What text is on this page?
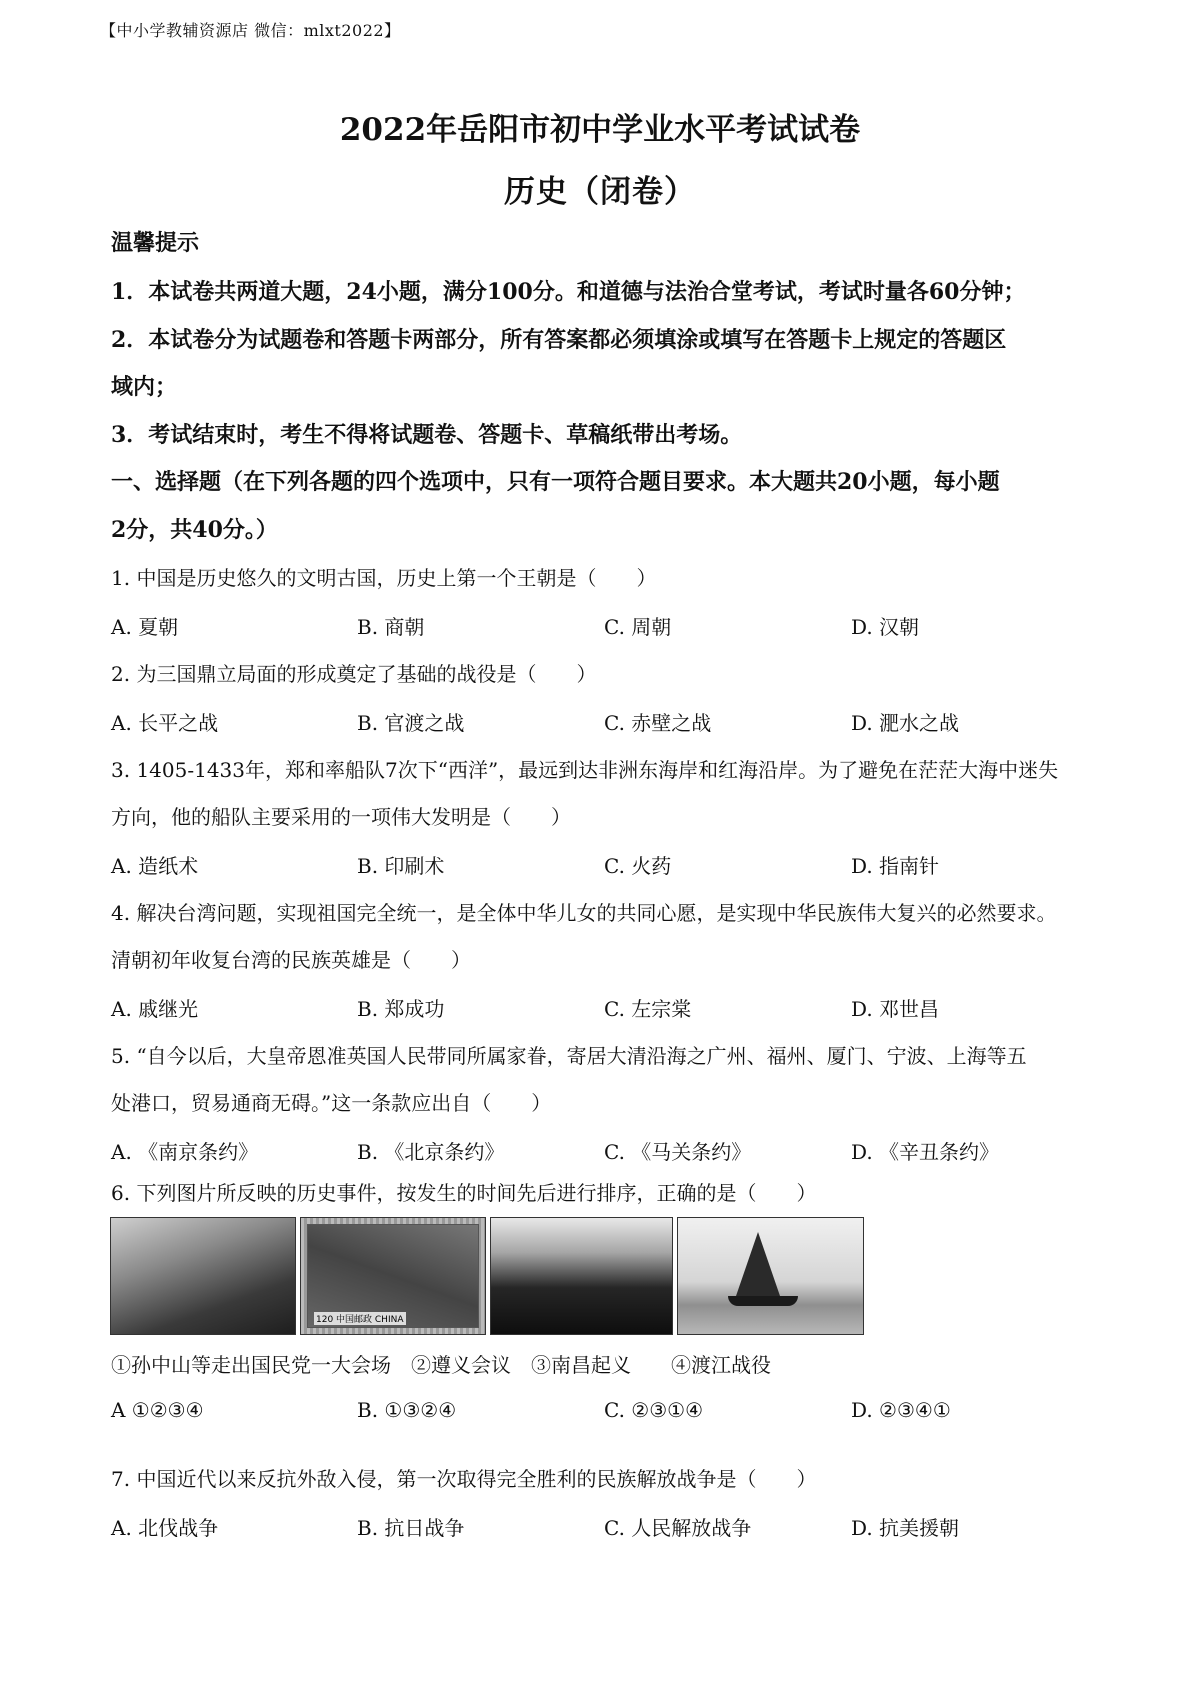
【中小学教辅资源店 微信：mlxt2022】
2022年岳阳市初中学业水平考试试卷
历史（闭卷）
温馨提示
1．本试卷共两道大题，24小题，满分100分。和道德与法治合堂考试，考试时量各60分钟；
2．本试卷分为试题卷和答题卡两部分，所有答案都必须填涂或填写在答题卡上规定的答题区
域内；
3．考试结束时，考生不得将试题卷、答题卡、草稿纸带出考场。
一、选择题（在下列各题的四个选项中，只有一项符合题目要求。本大题共20小题，每小题
2分，共40分。）
1. 中国是历史悠久的文明古国，历史上第一个王朝是（　　）
A. 夏朝	B. 商朝	C. 周朝	D. 汉朝
2. 为三国鼎立局面的形成奠定了基础的战役是（　　）
A. 长平之战	B. 官渡之战	C. 赤壁之战	D. 淝水之战
3. 1405-1433年，郑和率船队7次下“西洋”，最远到达非洲东海岸和红海沿岸。为了避免在茫茫大海中迷失
方向，他的船队主要采用的一项伟大发明是（　　）
A. 造纸术	B. 印刷术	C. 火药	D. 指南针
4. 解决台湾问题，实现祖国完全统一，是全体中华儿女的共同心愿，是实现中华民族伟大复兴的必然要求。
清朝初年收复台湾的民族英雄是（　　）
A. 戚继光	B. 郑成功	C. 左宗棠	D. 邓世昌
5. “自今以后，大皇帝恩准英国人民带同所属家眷，寄居大清沿海之广州、福州、厦门、宁波、上海等五
处港口，贸易通商无碍。”这一条款应出自（　　）
A. 《南京条约》	B. 《北京条约》	C. 《马关条约》	D. 《辛丑条约》
6. 下列图片所反映的历史事件，按发生的时间先后进行排序，正确的是（　　）
120 中国邮政 CHINA
①孙中山等走出国民党一大会场　②遵义会议　③南昌起义　　④渡江战役
A ①②③④	B. ①③②④	C. ②③①④	D. ②③④①
7. 中国近代以来反抗外敌入侵，第一次取得完全胜利的民族解放战争是（　　）
A. 北伐战争	B. 抗日战争	C. 人民解放战争	D. 抗美援朝
